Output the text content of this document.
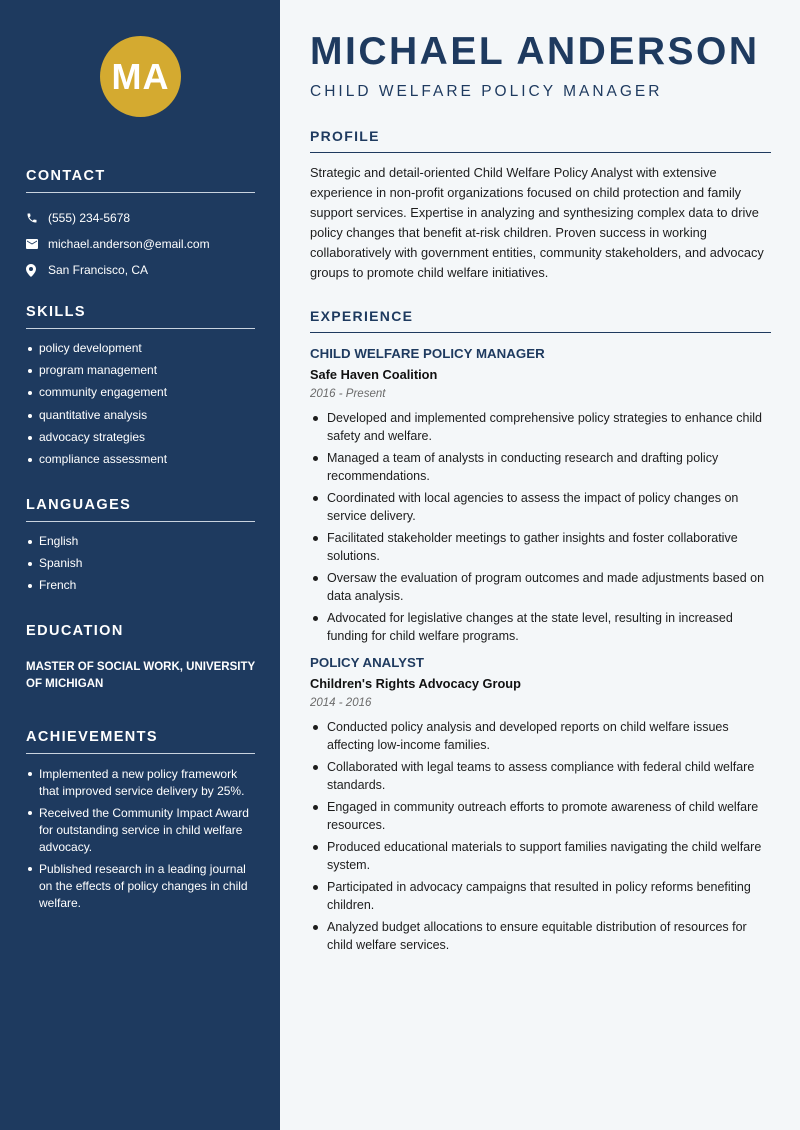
MA
CONTACT
(555) 234-5678
michael.anderson@email.com
San Francisco, CA
SKILLS
policy development
program management
community engagement
quantitative analysis
advocacy strategies
compliance assessment
LANGUAGES
English
Spanish
French
EDUCATION
MASTER OF SOCIAL WORK, UNIVERSITY OF MICHIGAN
ACHIEVEMENTS
Implemented a new policy framework that improved service delivery by 25%.
Received the Community Impact Award for outstanding service in child welfare advocacy.
Published research in a leading journal on the effects of policy changes in child welfare.
MICHAEL ANDERSON
CHILD WELFARE POLICY MANAGER
PROFILE

Strategic and detail-oriented Child Welfare Policy Analyst with extensive experience in non-profit organizations focused on child protection and family support services. Expertise in analyzing and synthesizing complex data to drive policy changes that benefit at-risk children. Proven success in working collaboratively with government entities, community stakeholders, and advocacy groups to promote child welfare initiatives.

EXPERIENCE
CHILD WELFARE POLICY MANAGER
Safe Haven Coalition
2016 - Present
Developed and implemented comprehensive policy strategies to enhance child safety and welfare.
Managed a team of analysts in conducting research and drafting policy recommendations.
Coordinated with local agencies to assess the impact of policy changes on service delivery.
Facilitated stakeholder meetings to gather insights and foster collaborative solutions.
Oversaw the evaluation of program outcomes and made adjustments based on data analysis.
Advocated for legislative changes at the state level, resulting in increased funding for child welfare programs.
POLICY ANALYST
Children's Rights Advocacy Group
2014 - 2016
Conducted policy analysis and developed reports on child welfare issues affecting low-income families.
Collaborated with legal teams to assess compliance with federal child welfare standards.
Engaged in community outreach efforts to promote awareness of child welfare resources.
Produced educational materials to support families navigating the child welfare system.
Participated in advocacy campaigns that resulted in policy reforms benefiting children.
Analyzed budget allocations to ensure equitable distribution of resources for child welfare services.
